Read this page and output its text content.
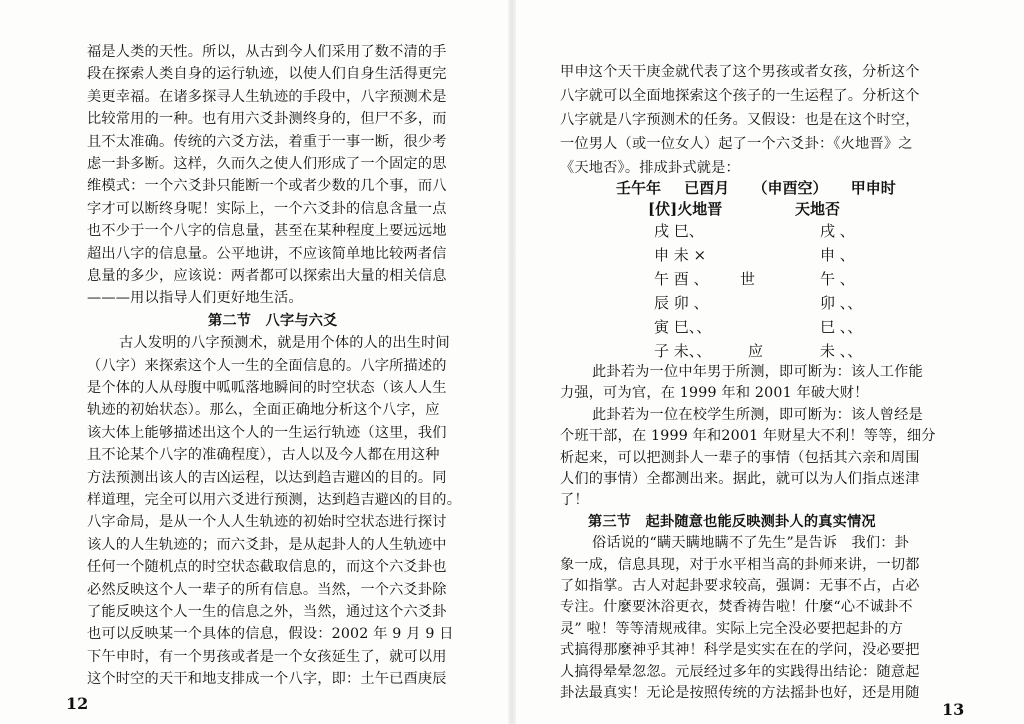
12
福是人类的天性。所以，从古到今人们采用了数不清的手
段在探索人类自身的运行轨迹，以使人们自身生活得更完
美更幸福。在诸多探寻人生轨迹的手段中，八字预测术是
比较常用的一种。也有用六爻卦测终身的，但尸不多，而
且不太准确。传统的六爻方法，着重于一事一断，很少考
虑一卦多断。这样，久而久之使人们形成了一个固定的思
维模式：一个六爻卦只能断一个或者少数的几个事，而八
字才可以断终身呢！实际上，一个六爻卦的信息含量一点
也不少于一个八字的信息量，甚至在某种程度上要远远地
超出八字的信息量。公平地讲，不应该简单地比较两者信
息量的多少，应该说：两者都可以探索出大量的相关信息
———用以指导人们更好地生活。
第二节　八字与六爻
古人发明的八字预测术，就是用个体的人的出生时间
（八字）来探索这个人一生的全面信息的。八字所描述的
是个体的人从母腹中呱呱落地瞬间的时空状态（该人人生
轨迹的初始状态）。那么，全面正确地分析这个八字，应
该大体上能够描述出这个人的一生运行轨迹（这里，我们
且不论某个八字的准确程度），古人以及今人都在用这种
方法预测出该人的吉凶运程，以达到趋吉避凶的目的。同
样道理，完全可以用六爻进行预测，达到趋吉避凶的目的。
八字命局，是从一个人人生轨迹的初始时空状态进行探讨
该人的人生轨迹的；而六爻卦，是从起卦人的人生轨迹中
任何一个随机点的时空状态截取信息的，而这个六爻卦也
必然反映这个人一辈子的所有信息。当然，一个六爻卦除
了能反映这个人一生的信息之外，当然，通过这个六爻卦
也可以反映某一个具体的信息，假设：2002 年 9 月 9 日
下午申时，有一个男孩或者是一个女孩延生了，就可以用
这个时空的天干和地支排成一个八字，即：土午已酉庚辰
甲申这个天干庚金就代表了这个男孩或者女孩，分析这个
八字就可以全面地探索这个孩子的一生运程了。分析这个
八字就是八字预测术的任务。又假设：也是在这个时空，
一位男人（或一位女人）起了一个六爻卦：《火地晋》之
《天地否》。排成卦式就是：
壬午年 已酉月 （申酉空） 甲申时
[伏]火地晋	天地否
戌 巳、	戌 、
申 未 ×	申 、
午 酉 、 世	午 、
辰 卯 、	卯 、、
寅 巳、、	巳 、、
子 未、、 应	未 、、
13
此卦若为一位中年男于所测，即可断为：该人工作能
力强，可为官，在 1999 年和 2001 年破大财！
此卦若为一位在校学生所测，即可断为：该人曾经是
个班干部，在 1999 年和2001 年财星大不利！等等，细分
析起来，可以把测卦人一辈子的事情（包括其六亲和周围
人们的事情）全都测出来。据此，就可以为人们指点迷津
了！
第三节　起卦随意也能反映测卦人的真实情况
俗话说的“瞒天瞒地瞒不了先生”是告诉　我们：卦
象一成，信息具现，对于水平相当高的卦师来讲，一切都
了如指掌。古人对起卦要求较高，强调：无事不占，占必
专注。什麼要沐浴更衣，焚香祷告啦！什麼“心不诚卦不
灵” 啦！等等清规戒律。实际上完全没必要把起卦的方
式搞得那麼神乎其神！科学是实实在在的学问，没必要把
人搞得晕晕忽忽。元辰经过多年的实践得出结论：随意起
卦法最真实！无论是按照传统的方法摇卦也好，还是用随
